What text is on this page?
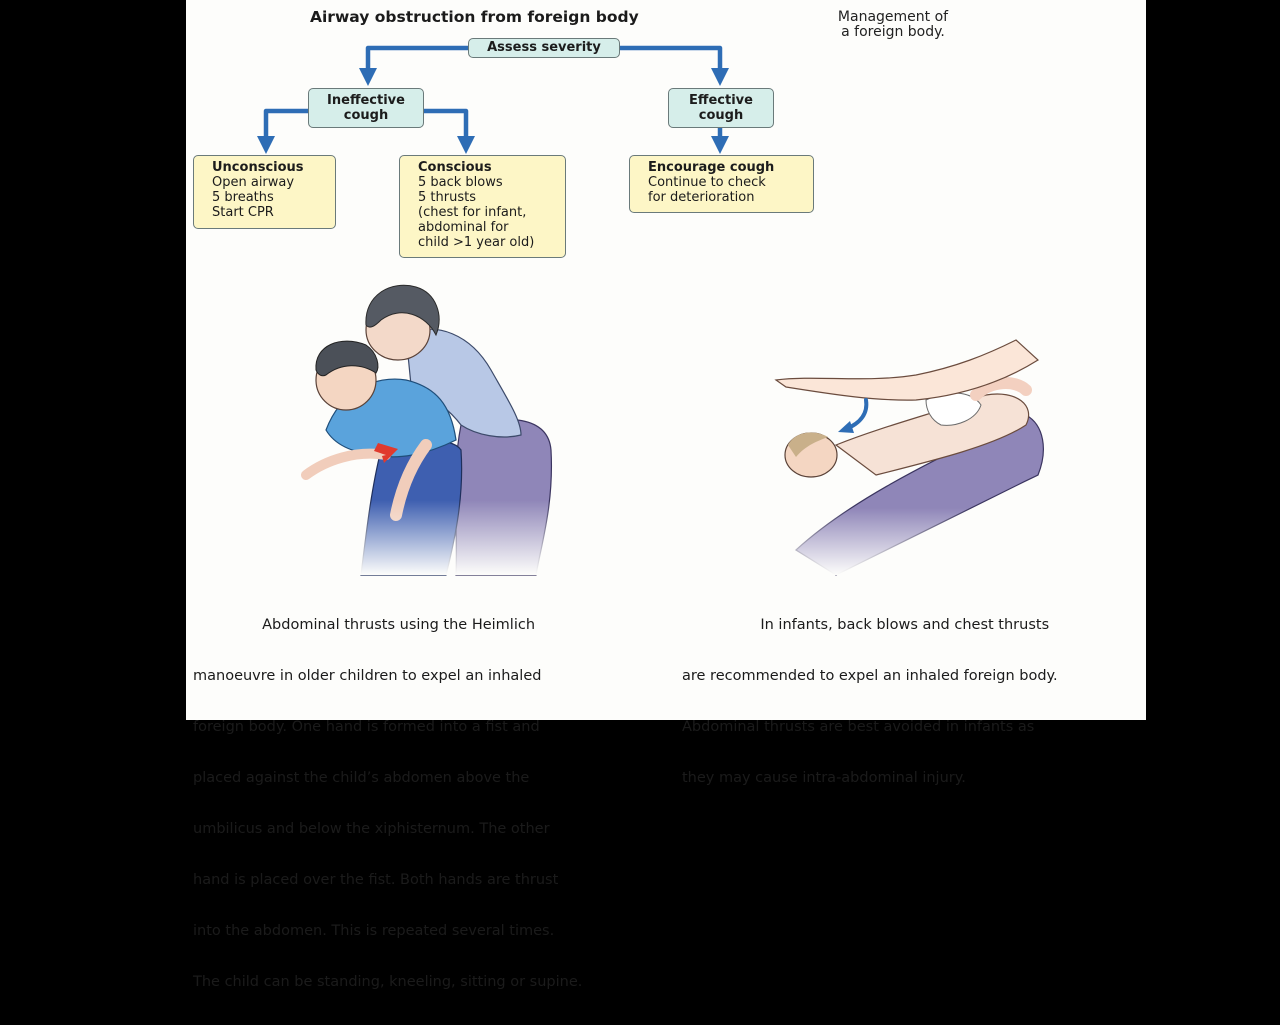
Airway obstruction from foreign body	Management of
a foreign body.
Assess severity
Ineffective
cough
Effective
cough
Unconscious
Open airway
5 breaths
Start CPR
Conscious
5 back blows
5 thrusts
(chest for infant,
abdominal for
child >1 year old)
Encourage cough
Continue to check
for deterioration

Abdominal thrusts using the Heimlich

manoeuvre in older children to expel an inhaled

foreign body. One hand is formed into a fist and

placed against the child’s abdomen above the

umbilicus and below the xiphisternum. The other

hand is placed over the fist. Both hands are thrust

into the abdomen. This is repeated several times.

The child can be standing, kneeling, sitting or supine.

In infants, back blows and chest thrusts

are recommended to expel an inhaled foreign body.

Abdominal thrusts are best avoided in infants as

they may cause intra-abdominal injury.
